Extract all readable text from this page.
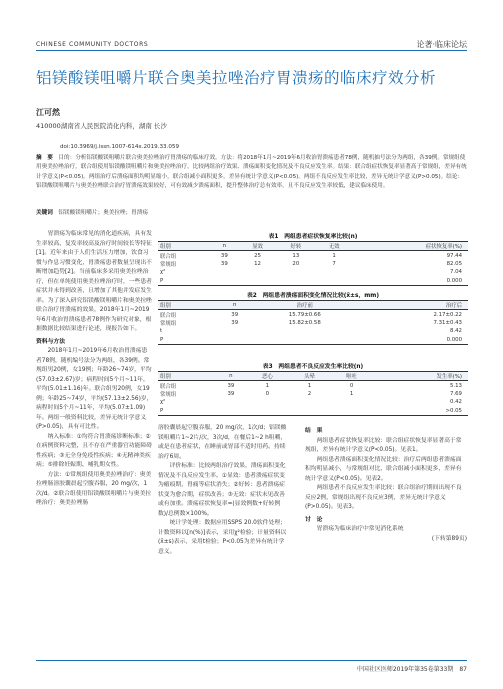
CHINESE COMMUNITY DOCTORS	论著·临床论坛
铝镁酸镁咀嚼片联合奥美拉唑治疗胃溃疡的临床疗效分析
江可然
410000湖南省人民医院消化内科，湖南 长沙
doi:10.3969/j.issn.1007-614x.2019.33.059

摘　要　 目的：分析铝镁酸镁咀嚼片联合奥美拉唑治疗胃溃疡的临床疗效。方法：将2018年1月~2019年6月收治胃溃疡患者78例，随机抽号法分为两组，各39例。常规组使用奥美拉唑治疗，联合组使用铝镁酸镁咀嚼片和奥美拉唑治疗。比较两组治疗效果、溃疡面积变化情况及不良反应发生率。结果：联合组症状恢复率显著高于常规组，差异有统计学意义(P<0.05)。两组治疗后溃疡面积均明显缩小，联合组减小面积更多，差异有统计学意义(P<0.05)。两组不良反应发生率比较，差异无统计学意义(P>0.05)。结论：铝镁酸镁咀嚼片与奥美拉唑联合治疗胃溃疡效果较好，可有效减少溃疡面积，提升整体治疗总有效率，且不良反应发生率较低，建议临床使用。

关键词　 铝镁酸镁咀嚼片；奥美拉唑；胃溃疡

胃溃疡为临床常见的消化道疾病，具有发生率较高、复发率较高及治疗时间较长等特征[1]。近年来由于人们生活压力增加，饮食习惯与作息习惯变化，胃溃疡患者数量呈现出不断增加趋势[2]。当前临床多采用奥美拉唑治疗，但在单纯使用奥美拉唑治疗时，一些患者症状并未得到改善，且增加了其他并发症发生率。为了深入研究铝镁酸镁咀嚼片和奥美拉唑联合治疗胃溃疡的效果，2018年1月~2019年6月收治胃溃疡患者78例作为研究对象，根据数据比较结果进行论述，现报告如下。

资料与方法

2018年1月~2019年6月收治胃溃疡患者78例，随机编号法分为两组，各39例。常规组男20例，女19例；年龄26~74岁，平均(57.03±2.67)岁；病程时间5个月~11年，平均(5.01±1.16)年。联合组男20例，女19例；年龄25~74岁，平均(57.13±2.56)岁，病程时间5个月~11年，平均(5.07±1.09)年。两组一般资料比较，差异无统计学意义(P>0.05)，具有可比性。

纳入标准：①均符合胃溃疡诊断标准；②在病例资料完整，且不存在严重器官功能障碍性疾病；③无全身免疫性疾病；④无精神类疾病；⑤排除妊娠期、哺乳期女性。

方法：①常规组使用奥美拉唑治疗：奥美拉唑肠溶胶囊晨起空腹吞服，20 mg/次，1次/d。②联合组使用铝镁酸镁咀嚼片与奥美拉唑治疗：奥美拉唑肠

表1　两组患者症状恢复率比较(n)
组别	n	显效	好转	无效	症状恢复率(%)
联合组	39	25	13	1	97.44
常规组	39	12	20	7	82.05
χ²					7.04
P					0.000
表2　两组患者溃疡面积变化情况比较(x̄±s，mm)
组别	n	治疗前	治疗后
联合组	39	15.79±0.66	2.17±0.22
常规组	39	15.82±0.58	7.31±0.43
t			8.42
P			0.000
表3　两组患者不良反应发生率比较(n)
组别	n	恶心	头晕	呕吐	发生率(%)
联合组	39	1	1	0	5.13
常规组	39	0	2	1	7.69
χ²					0.42
P					>0.05

溶胶囊晨起空腹吞服，20 mg/次，1次/d；铝镁酸镁咀嚼片1~2片/次，3次/d，在餐后1~2 h咀嚼，或是在患者症状，在睡前或胃部不适时用药。持续治疗6周。

评价标准：比较两组治疗效果，溃疡面积变化情况及不良反应发生率。①显效：患者溃疡症状变为瘢痕期，胃痛等症状消失；②好转：患者溃疡症状变为愈合期，症状改善；③无效：症状未见改善或有加重。溃疡症状恢复率=(显效例数+好转例数)/总例数×100%。

统计学处理：数据应用SSPS 20.0软件处理；计数资料以[n(%)]表示，采用χ²检验；计量资料以(x̄±s)表示，采用t检验；P<0.05为差异有统计学意义。

结　果

两组患者症状恢复率比较：联合组症状恢复率显著高于常规组，差异有统计学意义(P<0.05)。见表1。

两组患者溃疡面积变化情况比较：治疗后两组患者溃疡面积均明显减小，与常规组对比，联合组减小面积更多，差异有统计学意义(P<0.05)。见表2。

两组患者不良反应发生率比较：联合组治疗期间出现不良反应2例，常规组出现不良反应3例，差异无统计学意义(P>0.05)。见表3。

讨　论

胃溃疡为临床治疗中常见消化系统

(下转第89页)

中国社区医师2019年第35卷第33期　87
